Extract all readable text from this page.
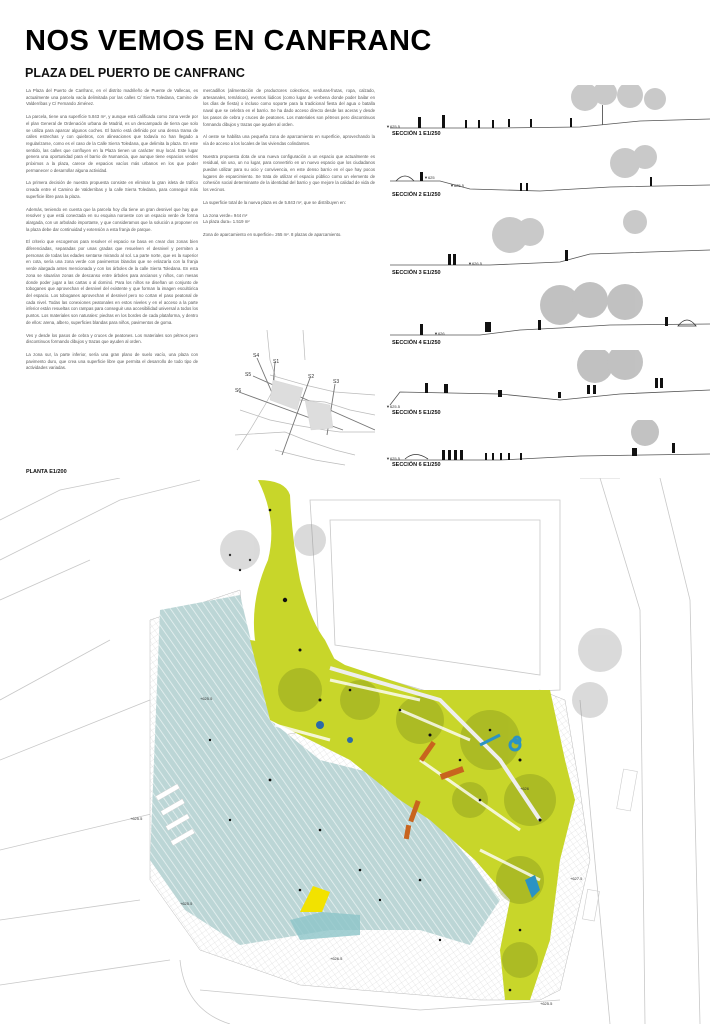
NOS VEMOS EN CANFRANC
PLAZA DEL PUERTO DE CANFRANC

La Plaza del Puerto de Canfranc, en el distrito madrileño de Puente de Vallecas, es actualmente una parcela vacía delimitada por las calles C/ Sierra Toledana, Camino de Valderribas y C/ Fernando Jiménez.

La parcela, tiene una superficie 5.843 m², y aunque está calificada como zona verde por el plan General de Ordenación urbana de Madrid, es un descampado de tierra que solo se utiliza para aparcar algunos coches. El barrio está definido por una densa trama de calles estrechas y con quiebros, con alineaciones que todavía no han llegado a regularizarse, como es el caso de la Calle Sierra Toledana, que delimita la plaza. En este sentido, las calles que confluyen en la Plaza tienen un carácter muy local. Este lugar genera una oportunidad para el barrio de Numancia, que aunque tiene espacios verdes próximos a la plaza, carece de espacios vacíos más urbanos en los que poder permanecer o desarrollar alguna actividad.

La primera decisión de nuestra propuesta consiste en eliminar la gran isleta de tráfico creada entre el Camino de Valderribas y la calle Sierra Toledana, para conseguir más superficie libre para la plaza.

Además, teniendo en cuenta que la parcela hoy día tiene un gran desnivel que hay que resolver y que está conectada en su esquina noroeste con un espacio verde de forma alargada, con un arbolado importante, y que consideramos que la solución a proponer en la plaza debe dar continuidad y extensión a esta franja de parque.

El criterio que escogemos para resolver el espacio se basa en crear dos zonas bien diferenciadas, separadas por unas gradas que resuelven el desnivel y permiten a personas de todas las edades sentarse mirando al sol. La parte norte, que es la superior en cota, sería una zona verde con pavimentos blandos que se enlazaría con la franja verde alargada antes mencionada y con los árboles de la calle Sierra Toledana. En esta zona se situarían zonas de descanso entre árboles para ancianos y niños, con mesas donde poder jugar a las cartas o al dominó. Para los niños se diseñan un conjunto de toboganes que aprovechan el desnivel del existente y que forman la imagen escultórica del espacio. Los toboganes aprovechan el desnivel pero no cortan el paso peatonal de cada nivel. Todas las conexiones peatonales en estos niveles y en el acceso a la parte inferior están resueltas con rampas para conseguir una accesibilidad universal a todos los puntos. Los materiales son naturales: piedras en los bordes de cada plataforma, y dentro de ellos: arena, albero, superficies blandas para niños, pavimentos de goma.

Ves y desde los pasos de cebra y cruces de peatones. Los materiales son pétreos pero discontinuos formando dibujos y trazas que ayuden al orden.

La zona sur, la parte inferior, sería una gran plano de suelo vacío, una plaza con pavimento duro, que crea una superficie libre que permita el desarrollo de todo tipo de actividades variadas.

mercadillos (alimentación de productores colectivos, verduras-frutas, ropa, calzado, artesanales, temáticos), eventos lúdicos (como lugar de verbena donde poder bailar en los días de fiesta) o incluso como soporte para la tradicional fiesta del agua o batalla naval que se celebra en el barrio. Se ha dado acceso directo desde las aceras y desde los pasos de cebra y cruces de peatones. Los materiales son pétreos pero discontinuos formando dibujos y trazas que ayuden al orden.

Al oeste se habilita una pequeña zona de aparcamiento en superficie, aprovechando la vía de acceso a los locales de las viviendas colindantes.

Nuestra propuesta dota de una nueva configuración a un espacio que actualmente es residual, sin uso, un no lugar, para convertirlo en un nuevo espacio que los ciudadanos puedan utilizar para su ocio y convivencia, en este denso barrio en el que hay pocos lugares de esparcimiento. Se trata de utilizar el espacio público como un elemento de cohesión social determinante de la identidad del barrio y que mejore la calidad de vida de los vecinos.

La superficie total de la nueva plaza es de 5.843 m², que se distribuyen en:

La zona verde= 944 m²
La plaza dura= 1.519 m²

Zona de aparcamiento en superficie= 265 m². 8 plazas de aparcamiento.

S4
S1
S5	S2
S3
S6
▼625.5
SECCIÓN 1 E1/250
▼625
▼625.5
SECCIÓN 2 E1/250
▼626.5
SECCIÓN 3 E1/250
▼626
SECCIÓN 4 E1/250
▼625.5
SECCIÓN 5 E1/250
▼625.5
SECCIÓN 6 E1/250
PLANTA E1/200
+625.5
+625.5
+625.5
+626
+627.5
+626.5
+625.5
